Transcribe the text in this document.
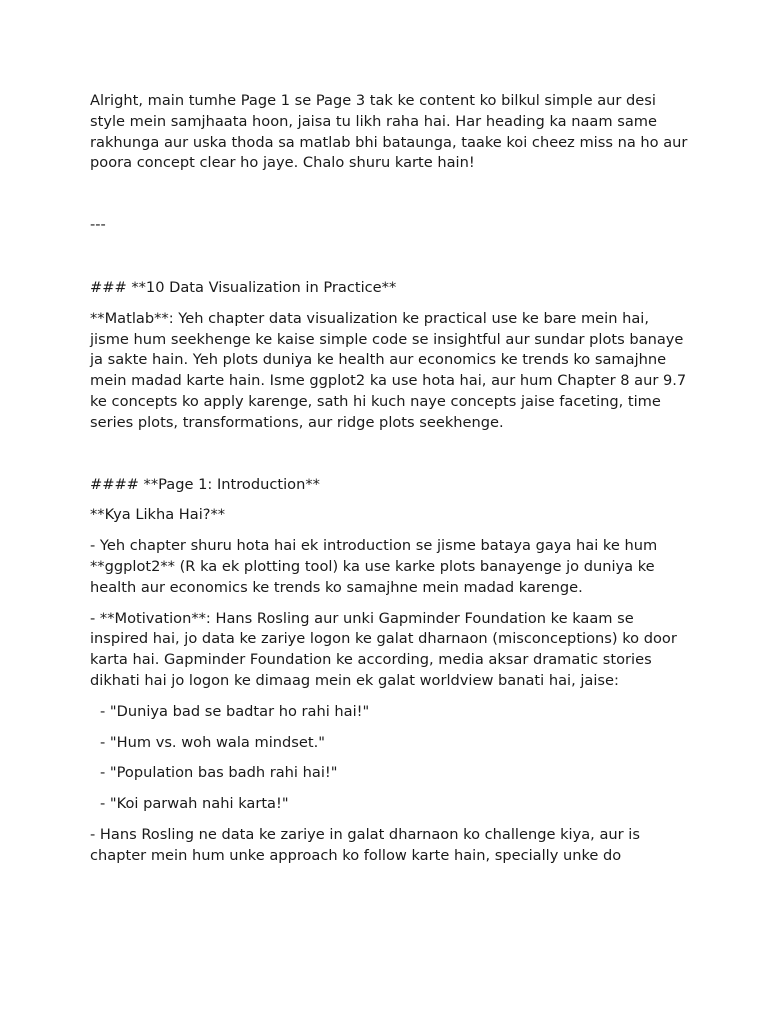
Alright, main tumhe Page 1 se Page 3 tak ke content ko bilkul simple aur desi style mein samjhaata hoon, jaisa tu likh raha hai. Har heading ka naam same rakhunga aur uska thoda sa matlab bhi bataunga, taake koi cheez miss na ho aur poora concept clear ho jaye. Chalo shuru karte hain!

---

### **10 Data Visualization in Practice**

**Matlab**: Yeh chapter data visualization ke practical use ke bare mein hai, jisme hum seekhenge ke kaise simple code se insightful aur sundar plots banaye ja sakte hain. Yeh plots duniya ke health aur economics ke trends ko samajhne mein madad karte hain. Isme ggplot2 ka use hota hai, aur hum Chapter 8 aur 9.7 ke concepts ko apply karenge, sath hi kuch naye concepts jaise faceting, time series plots, transformations, aur ridge plots seekhenge.

#### **Page 1: Introduction**

**Kya Likha Hai?**

- Yeh chapter shuru hota hai ek introduction se jisme bataya gaya hai ke hum **ggplot2** (R ka ek plotting tool) ka use karke plots banayenge jo duniya ke health aur economics ke trends ko samajhne mein madad karenge.

- **Motivation**: Hans Rosling aur unki Gapminder Foundation ke kaam se inspired hai, jo data ke zariye logon ke galat dharnaon (misconceptions) ko door karta hai. Gapminder Foundation ke according, media aksar dramatic stories dikhati hai jo logon ke dimaag mein ek galat worldview banati hai, jaise:

- "Duniya bad se badtar ho rahi hai!"

- "Hum vs. woh wala mindset."

- "Population bas badh rahi hai!"

- "Koi parwah nahi karta!"

- Hans Rosling ne data ke zariye in galat dharnaon ko challenge kiya, aur is chapter mein hum unke approach ko follow karte hain, specially unke do
